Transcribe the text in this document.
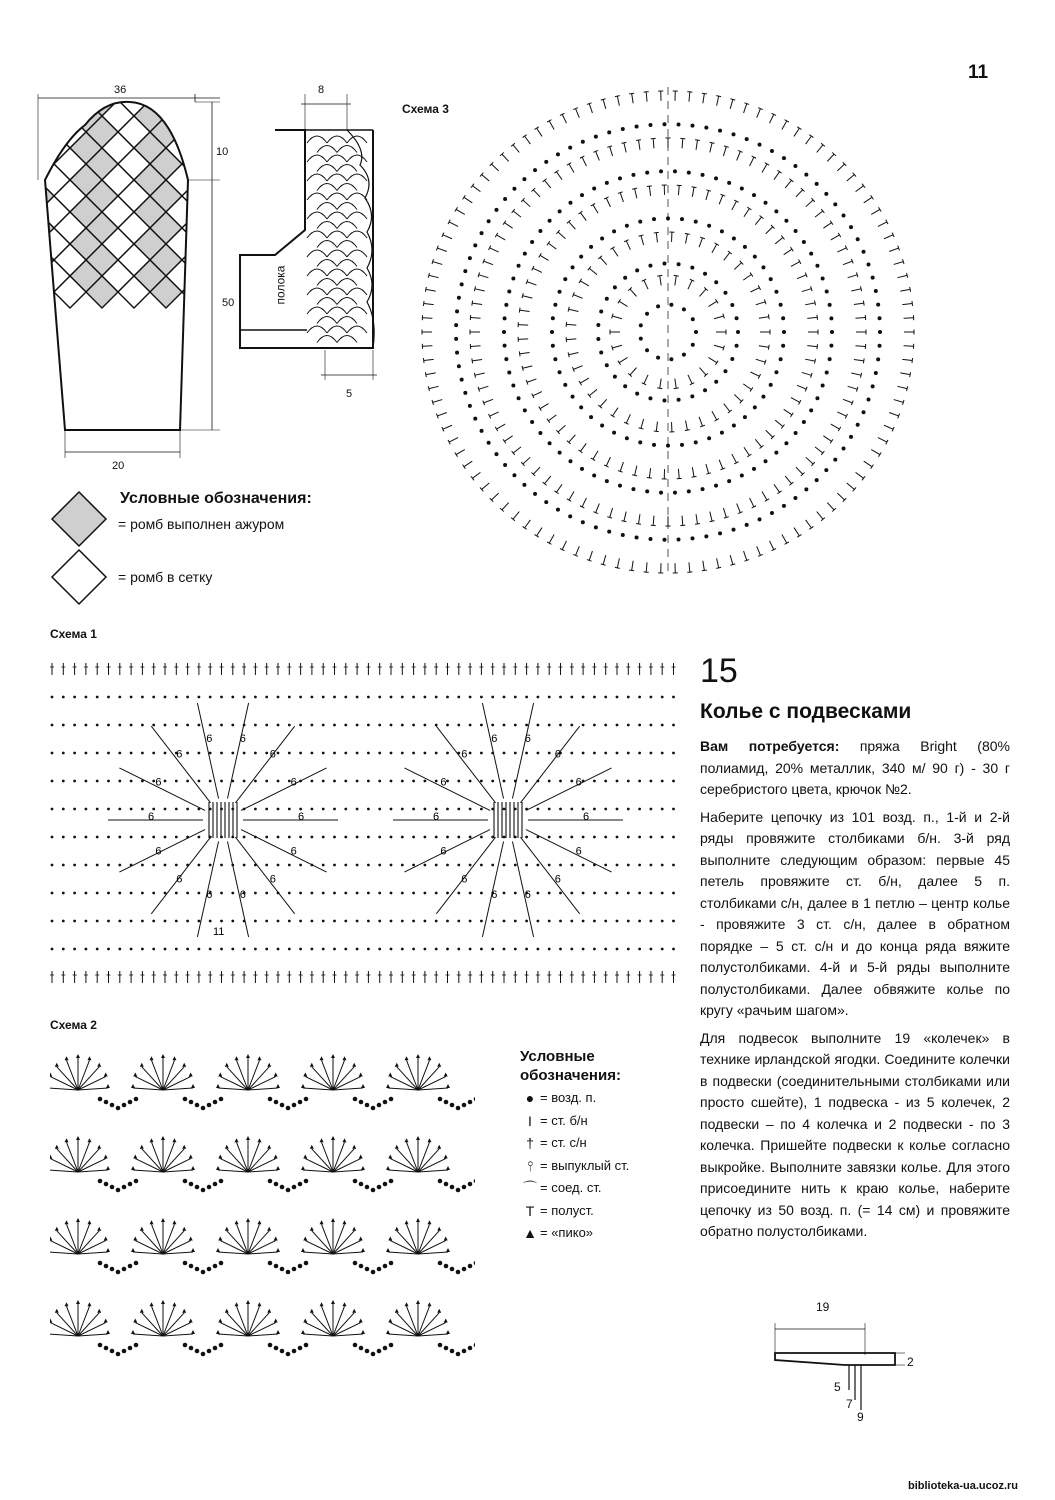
11
36
10
50
20
8
полока
5
Схема 3
Условные обозначения:
= ромб выполнен ажуром
= ромб в сетку
Схема 1
6
6
6
6
6
6
6
6
6
6
6 6
6
6
6
6
6
6
6
6
6
6
6
6
6 6
6
6
11
Схема 2
Условные
обозначения:
● = возд. п.
I = ст. б/н
† = ст. с/н
⫯ = выпуклый ст.
⌒ = соед. ст.
T = полуст.
▲ = «пико»
15
Колье с подвесками

Вам потребуется: пряжа Bright (80% полиамид, 20% металлик, 340 м/ 90 г) - 30 г серебристого цвета, крючок №2.

Наберите цепочку из 101 возд. п., 1-й и 2-й ряды провяжите столбиками б/н. 3-й ряд выполните следующим образом: первые 45 петель провяжите ст. б/н, далее 5 п. столбиками с/н, далее в 1 петлю – центр колье - провяжите 3 ст. с/н, далее в обратном порядке – 5 ст. с/н и до конца ряда вяжите полустолбиками. 4-й и 5-й ряды выполните полустолбиками. Далее обвяжите колье по кругу «рачьим шагом».

Для подвесок выполните 19 «колечек» в технике ирландской ягодки. Соедините колечки в подвески (соединительными столбиками или просто сшейте), 1 подвеска - из 5 колечек, 2 подвески – по 4 колечка и 2 подвески - по 3 колечка. Пришейте подвески к колье согласно выкройке. Выполните завязки колье. Для этого присоедините нить к краю колье, наберите цепочку из 50 возд. п. (= 14 см) и провяжите обратно полустолбиками.

19
2
5
7
9
biblioteka-ua.ucoz.ru
